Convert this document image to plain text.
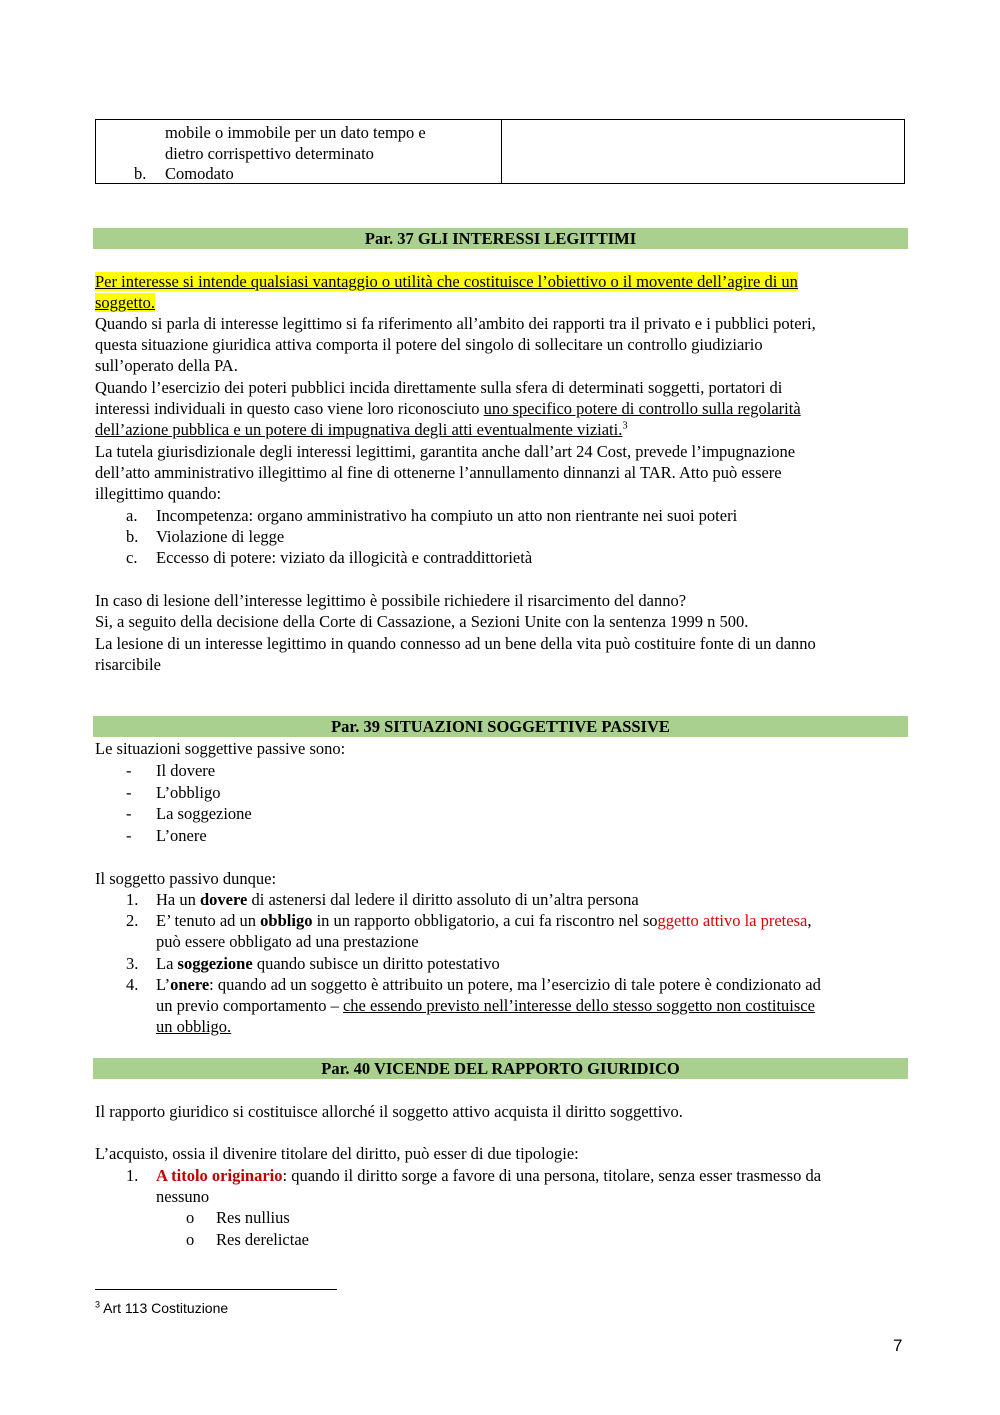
mobile o immobile per un dato tempo e
dietro corrispettivo determinato
b. Comodato
Par. 37 GLI INTERESSI LEGITTIMI
Per interesse si intende qualsiasi vantaggio o utilità che costituisce l’obiettivo o il movente dell’agire di un
soggetto.
Quando si parla di interesse legittimo si fa riferimento all’ambito dei rapporti tra il privato e i pubblici poteri,
questa situazione giuridica attiva comporta il potere del singolo di sollecitare un controllo giudiziario
sull’operato della PA.
Quando l’esercizio dei poteri pubblici incida direttamente sulla sfera di determinati soggetti, portatori di
interessi individuali in questo caso viene loro riconosciuto uno specifico potere di controllo sulla regolarità
dell’azione pubblica e un potere di impugnativa degli atti eventualmente viziati.$^3$
La tutela giurisdizionale degli interessi legittimi, garantita anche dall’art 24 Cost, prevede l’impugnazione
dell’atto amministrativo illegittimo al fine di ottenerne l’annullamento dinnanzi al TAR. Atto può essere
illegittimo quando:
a. Incompetenza: organo amministrativo ha compiuto un atto non rientrante nei suoi poteri
b. Violazione di legge
c. Eccesso di potere: viziato da illogicità e contraddittorietà
In caso di lesione dell’interesse legittimo è possibile richiedere il risarcimento del danno?
Si, a seguito della decisione della Corte di Cassazione, a Sezioni Unite con la sentenza 1999 n 500.
La lesione di un interesse legittimo in quando connesso ad un bene della vita può costituire fonte di un danno
risarcibile
Par. 39 SITUAZIONI SOGGETTIVE PASSIVE
Le situazioni soggettive passive sono:
- Il dovere
- L’obbligo
- La soggezione
- L’onere
Il soggetto passivo dunque:
1. Ha un dovere di astenersi dal ledere il diritto assoluto di un’altra persona
2. E’ tenuto ad un obbligo in un rapporto obbligatorio, a cui fa riscontro nel soggetto attivo la pretesa,
può essere obbligato ad una prestazione
3. La soggezione quando subisce un diritto potestativo
4. L’onere: quando ad un soggetto è attribuito un potere, ma l’esercizio di tale potere è condizionato ad
un previo comportamento – che essendo previsto nell’interesse dello stesso soggetto non costituisce
un obbligo.
Par. 40 VICENDE DEL RAPPORTO GIURIDICO
Il rapporto giuridico si costituisce allorché il soggetto attivo acquista il diritto soggettivo.
L’acquisto, ossia il divenire titolare del diritto, può esser di due tipologie:
1. A titolo originario: quando il diritto sorge a favore di una persona, titolare, senza esser trasmesso da
nessuno
o Res nullius
o Res derelictae
$^3$ Art 113 Costituzione
7
